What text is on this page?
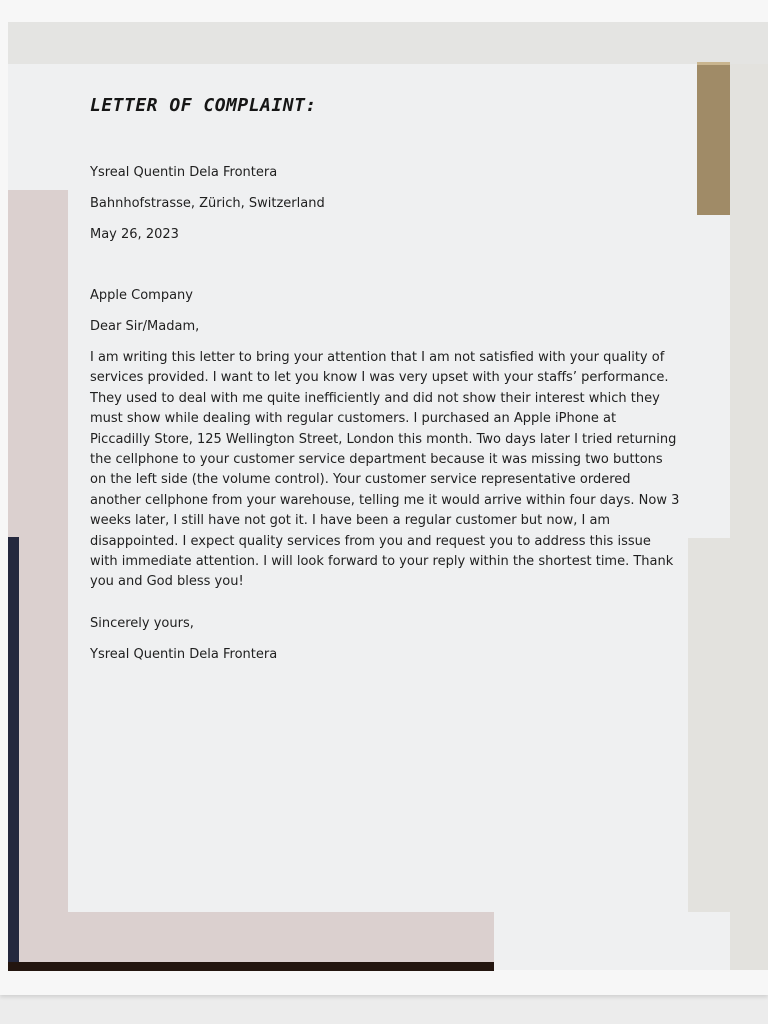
LETTER OF COMPLAINT:
Ysreal Quentin Dela Frontera
Bahnhofstrasse, Zürich, Switzerland
May 26, 2023
Apple Company
Dear Sir/Madam,
I am writing this letter to bring your attention that I am not satisfied with your quality of services provided. I want to let you know I was very upset with your staffs’ performance. They used to deal with me quite inefficiently and did not show their interest which they must show while dealing with regular customers. I purchased an Apple iPhone at Piccadilly Store, 125 Wellington Street, London this month. Two days later I tried returning the cellphone to your customer service department because it was missing two buttons on the left side (the volume control). Your customer service representative ordered another cellphone from your warehouse, telling me it would arrive within four days. Now 3 weeks later, I still have not got it. I have been a regular customer but now, I am disappointed. I expect quality services from you and request you to address this issue with immediate attention. I will look forward to your reply within the shortest time. Thank you and God bless you!
Sincerely yours,
Ysreal Quentin Dela Frontera
